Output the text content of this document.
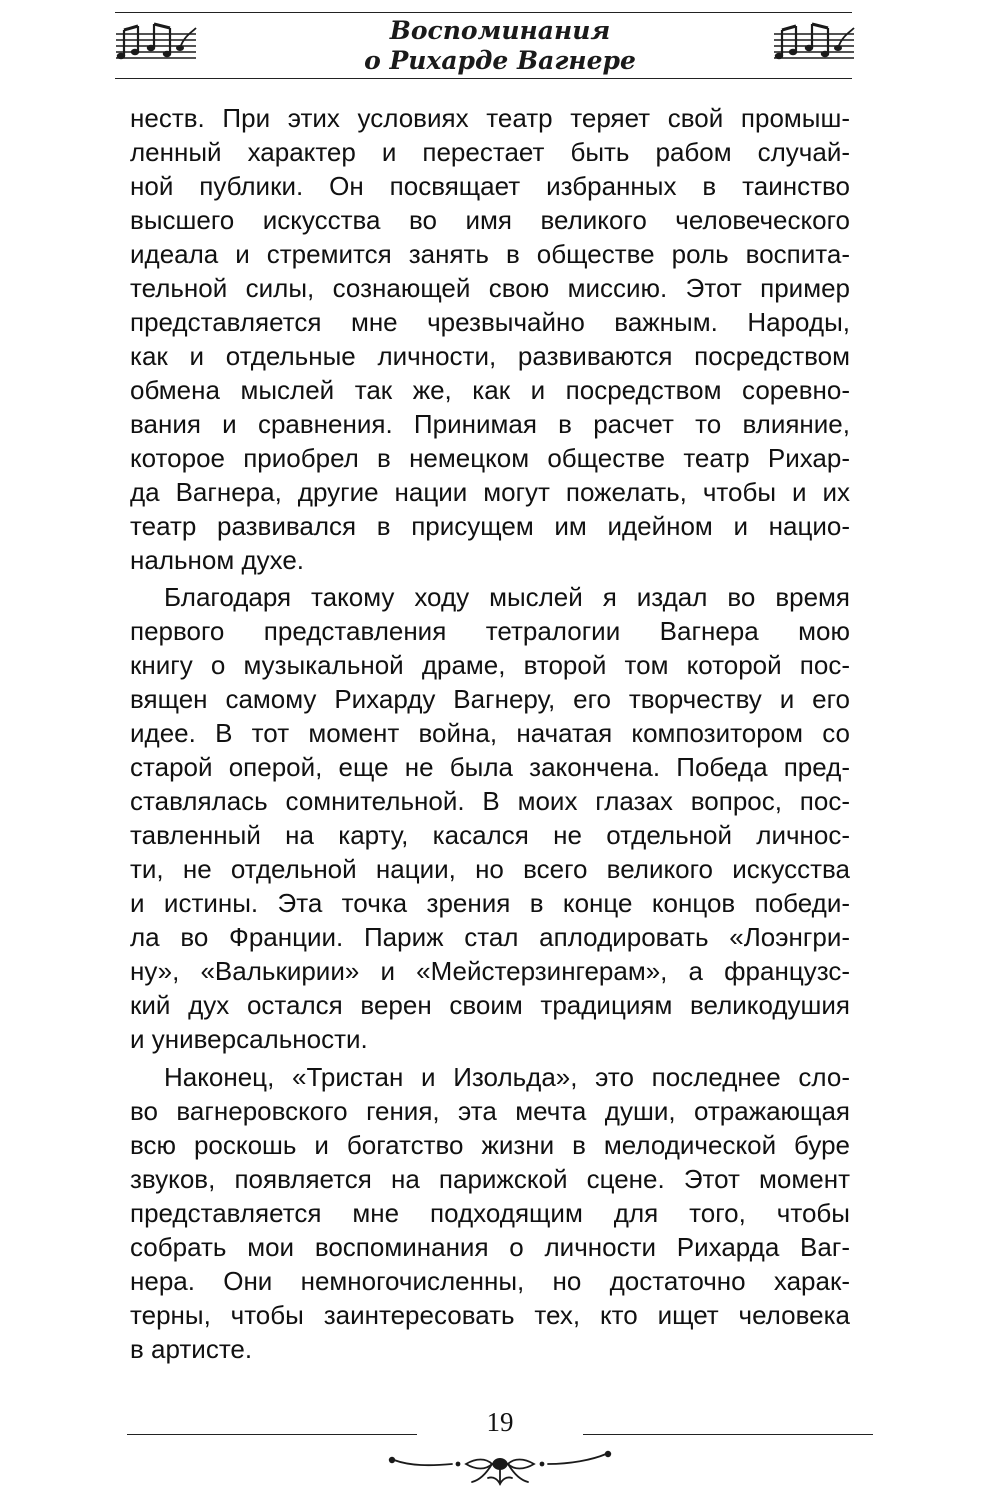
Воспоминания
о Рихарде Вагнере
неств. При этих условиях театр теряет свой промыш-
ленный характер и перестает быть рабом случай-
ной публики. Он посвящает избранных в таинство
высшего искусства во имя великого человеческого
идеала и стремится занять в обществе роль воспита-
тельной силы, сознающей свою миссию. Этот пример
представляется мне чрезвычайно важным. Народы,
как и отдельные личности, развиваются посредством
обмена мыслей так же, как и посредством соревно-
вания и сравнения. Принимая в расчет то влияние,
которое приобрел в немецком обществе театр Рихар-
да Вагнера, другие нации могут пожелать, чтобы и их
театр развивался в присущем им идейном и нацио-
нальном духе.
Благодаря такому ходу мыслей я издал во время
первого представления тетралогии Вагнера мою
книгу о музыкальной драме, второй том которой пос-
вящен самому Рихарду Вагнеру, его творчеству и его
идее. В тот момент война, начатая композитором со
старой оперой, еще не была закончена. Победа пред-
ставлялась сомнительной. В моих глазах вопрос, пос-
тавленный на карту, касался не отдельной личнос-
ти, не отдельной нации, но всего великого искусства
и истины. Эта точка зрения в конце концов победи-
ла во Франции. Париж стал аплодировать «Лоэнгри-
ну», «Валькирии» и «Мейстерзингерам», а французс-
кий дух остался верен своим традициям великодушия
и универсальности.
Наконец, «Тристан и Изольда», это последнее сло-
во вагнеровского гения, эта мечта души, отражающая
всю роскошь и богатство жизни в мелодической буре
звуков, появляется на парижской сцене. Этот момент
представляется мне подходящим для того, чтобы
собрать мои воспоминания о личности Рихарда Ваг-
нера. Они немногочисленны, но достаточно харак-
терны, чтобы заинтересовать тех, кто ищет человека
в артисте.
19
